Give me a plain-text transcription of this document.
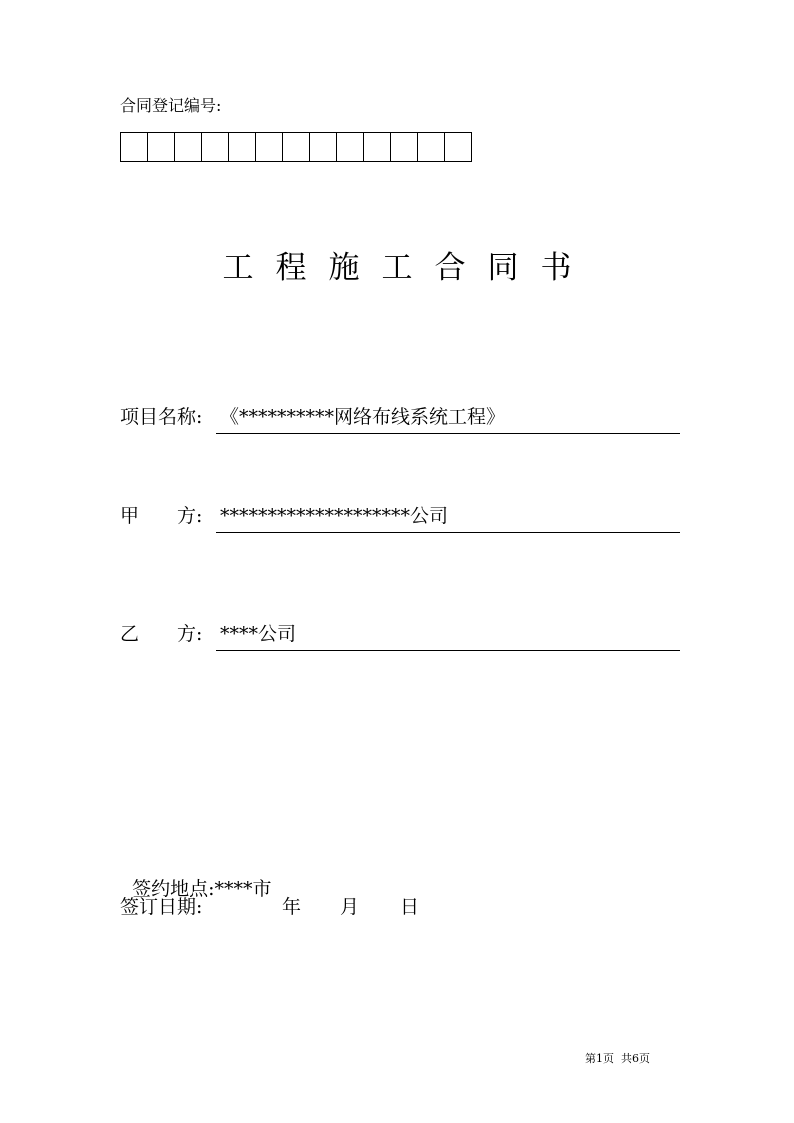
合同登记编号:
工程施工合同书
项目名称: 《**********网络布线系统工程》
甲　　方: ********************公司
乙　　方: ****公司

签约地点:****市

签订日期:	年 月 日
第1页 共6页
